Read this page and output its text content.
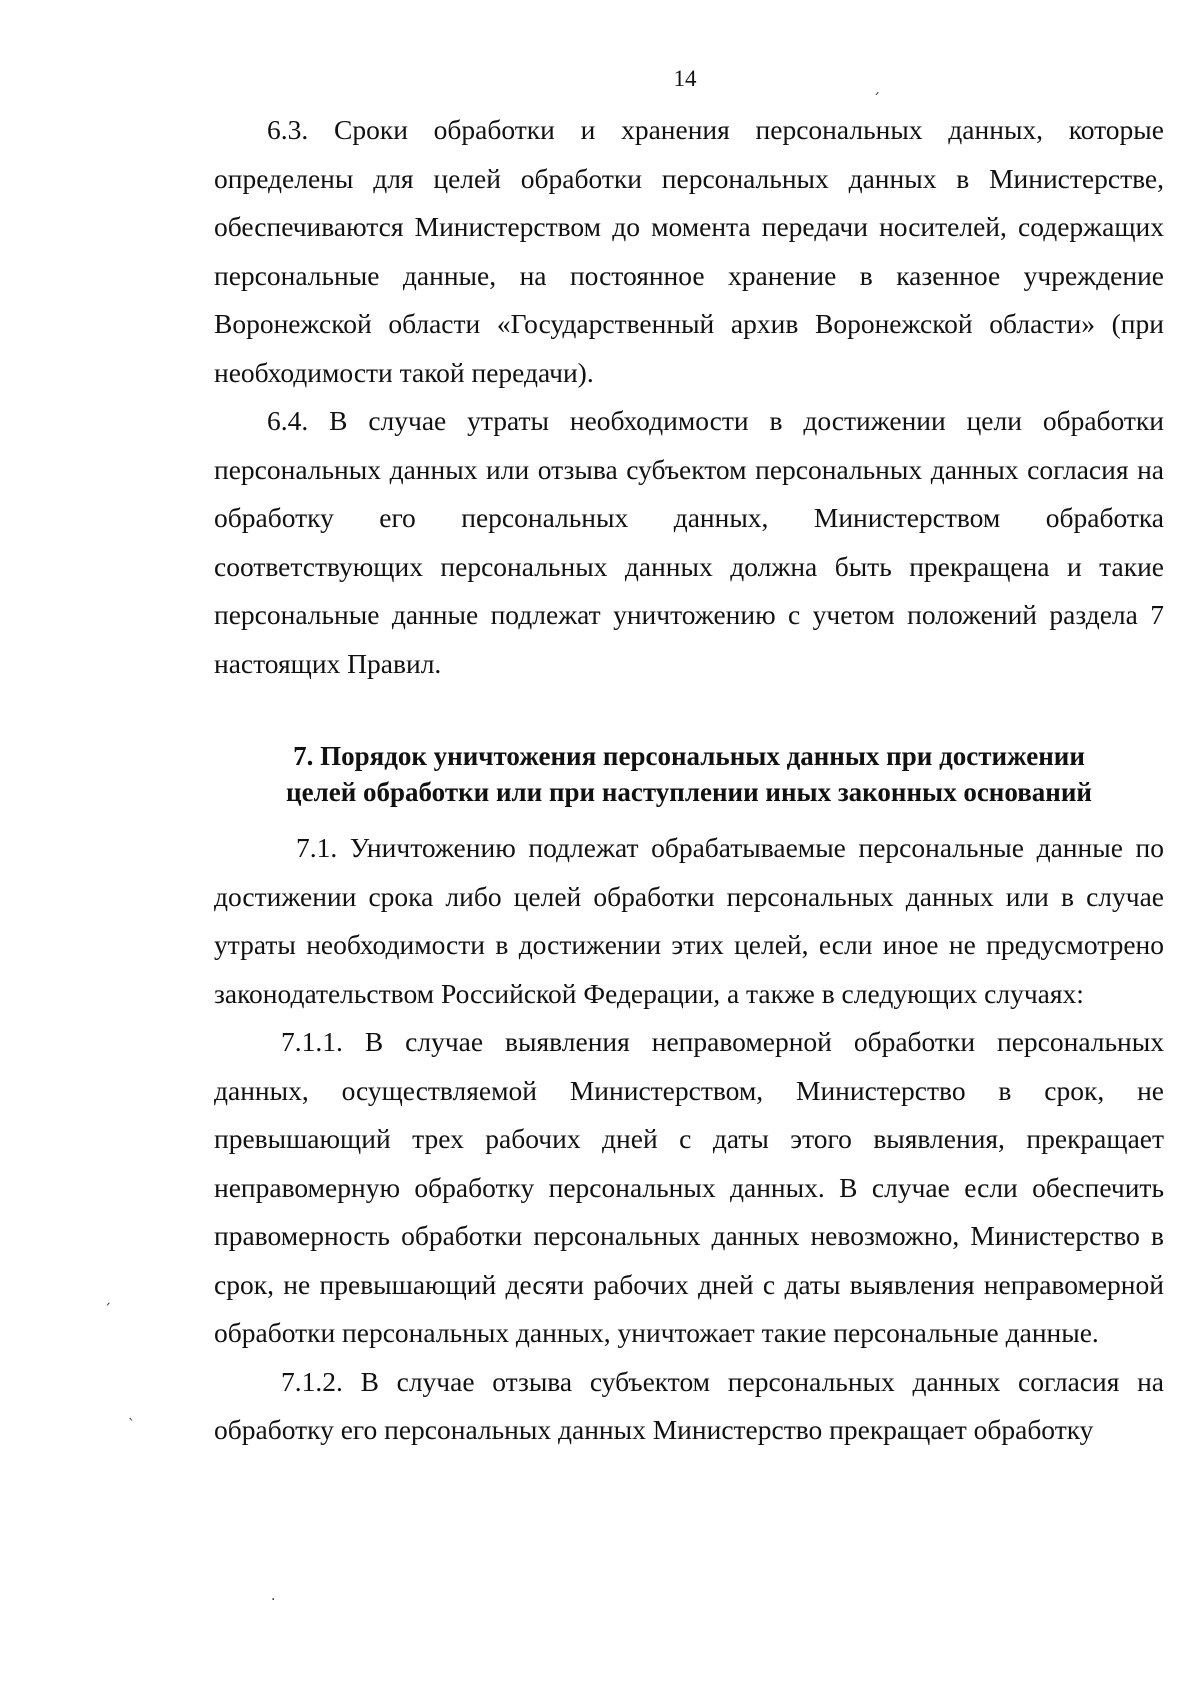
14

6.3. Сроки обработки и хранения персональных данных, которые определены для целей обработки персональных данных в Министерстве, обеспечиваются Министерством до момента передачи носителей, содержащих персональные данные, на постоянное хранение в казенное учреждение Воронежской области «Государственный архив Воронежской области» (при необходимости такой передачи).

6.4. В случае утраты необходимости в достижении цели обработки персональных данных или отзыва субъектом персональных данных согласия на обработку его персональных данных, Министерством обработка соответствующих персональных данных должна быть прекращена и такие персональные данные подлежат уничтожению с учетом положений раздела 7 настоящих Правил.

7. Порядок уничтожения персональных данных при достижении
целей обработки или при наступлении иных законных оснований

7.1. Уничтожению подлежат обрабатываемые персональные данные по достижении срока либо целей обработки персональных данных или в случае утраты необходимости в достижении этих целей, если иное не предусмотрено законодательством Российской Федерации, а также в следующих случаях:

7.1.1. В случае выявления неправомерной обработки персональных данных, осуществляемой Министерством, Министерство в срок, не превышающий трех рабочих дней с даты этого выявления, прекращает неправомерную обработку персональных данных. В случае если обеспечить правомерность обработки персональных данных невозможно, Министерство в срок, не превышающий десяти рабочих дней с даты выявления неправомерной обработки персональных данных, уничтожает такие персональные данные.

7.1.2. В случае отзыва субъектом персональных данных согласия на обработку его персональных данных Министерство прекращает обработку

ˊ
ˏ
ˎ
·
